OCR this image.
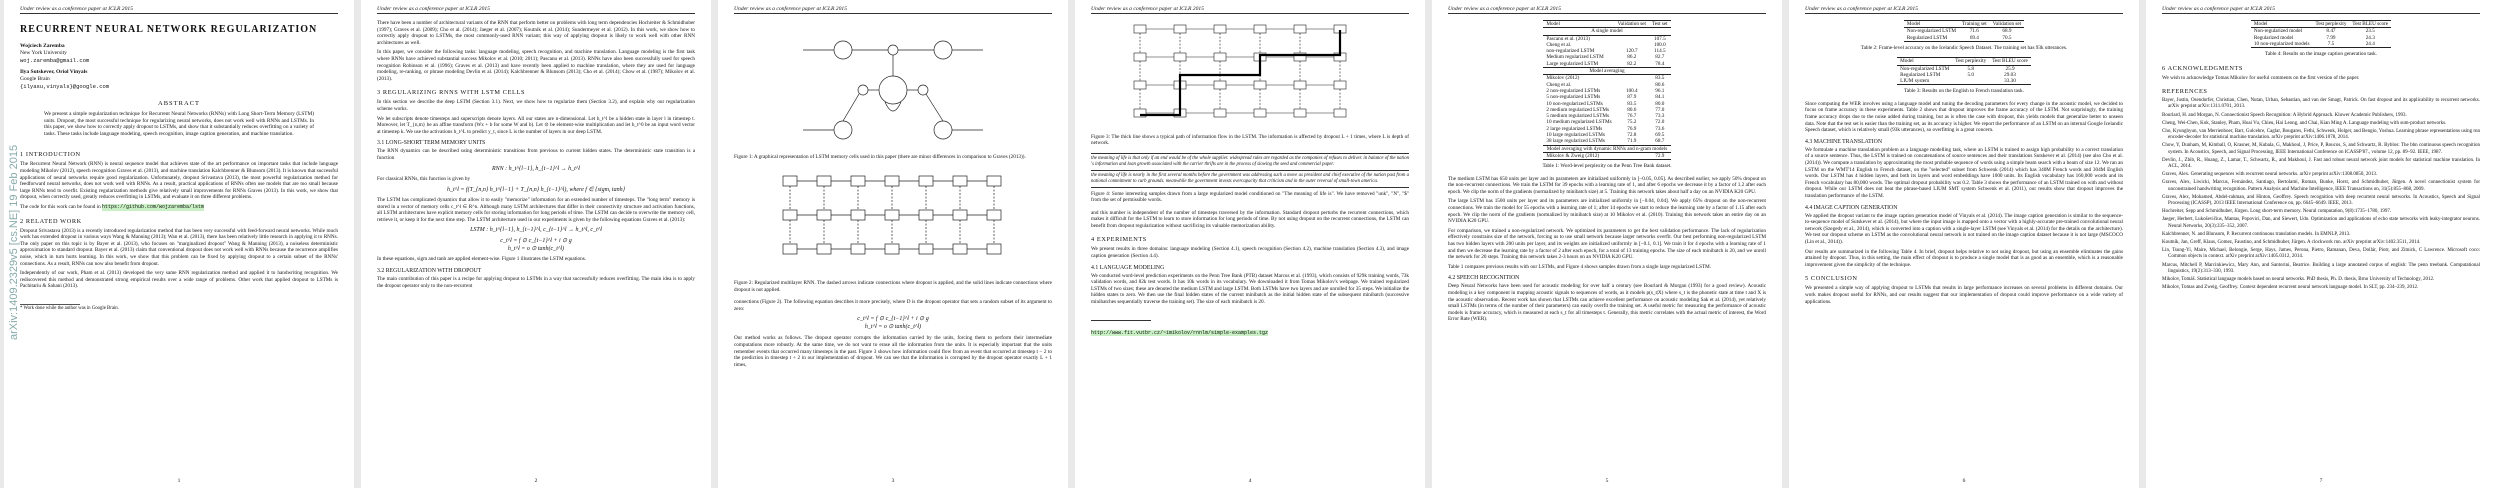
arXiv:1409.2329v5 [cs.NE] 19 Feb 2015
Under review as a conference paper at ICLR 2015
RECURRENT NEURAL NETWORK REGULARIZATION
Wojciech Zaremba
New York University
woj.zaremba@gmail.com
Ilya Sutskever, Oriol Vinyals
Google Brain
{ilyasu,vinyals}@google.com
ABSTRACT
We present a simple regularization technique for Recurrent Neural Networks (RNNs) with Long Short-Term Memory (LSTM) units. Dropout, the most successful technique for regularizing neural networks, does not work well with RNNs and LSTMs. In this paper, we show how to correctly apply dropout to LSTMs, and show that it substantially reduces overfitting on a variety of tasks. These tasks include language modeling, speech recognition, image caption generation, and machine translation.
1 INTRODUCTION
The Recurrent Neural Network (RNN) is neural sequence model that achieves state of the art performance on important tasks that include language modeling Mikolov (2012), speech recognition Graves et al. (2013), and machine translation Kalchbrenner & Blunsom (2013). It is known that successful applications of neural networks require good regularization. Unfortunately, dropout Srivastava (2013), the most powerful regularization method for feedforward neural networks, does not work well with RNNs. As a result, practical applications of RNNs often use models that are too small because large RNNs tend to overfit. Existing regularization methods give relatively small improvements for RNNs Graves (2013). In this work, we show that dropout, when correctly used, greatly reduces overfitting in LSTMs, and evaluate it on three different problems.
The code for this work can be found in https://github.com/wojzaremba/lstm
2 RELATED WORK
Dropout Srivastava (2013) is a recently introduced regularization method that has been very successful with feed-forward neural networks. While much work has extended dropout in various ways Wang & Manning (2013); Wan et al. (2013), there has been relatively little research in applying it to RNNs. The only paper on this topic is by Bayer et al. (2013), who focuses on "marginalized dropout" Wang & Manning (2013), a noiseless deterministic approximation to standard dropout. Bayer et al. (2013) claim that conventional dropout does not work well with RNNs because the recurrence amplifies noise, which in turn hurts learning. In this work, we show that this problem can be fixed by applying dropout to a certain subset of the RNNs' connections. As a result, RNNs can now also benefit from dropout.
Independently of our work, Pham et al. (2013) developed the very same RNN regularization method and applied it to handwriting recognition. We rediscovered this method and demonstrated strong empirical results over a wide range of problems. Other work that applied dropout to LSTMs is Pachitariu & Sahani (2013).
* Work done while the author was in Google Brain.
1
Under review as a conference paper at ICLR 2015
There have been a number of architectural variants of the RNN that perform better on problems with long term dependencies Hochreiter & Schmidhuber (1997); Graves et al. (2009); Cho et al. (2014); Jaeger et al. (2007); Koutnik et al. (2014); Sundermeyer et al. (2012). In this work, we show how to correctly apply dropout to LSTMs, the most commonly-used RNN variant; this way of applying dropout is likely to work well with other RNN architectures as well.
In this paper, we consider the following tasks: language modeling, speech recognition, and machine translation. Language modeling is the first task where RNNs have achieved substantial success Mikolov et al. (2010; 2011); Pascanu et al. (2013). RNNs have also been successfully used for speech recognition Robinson et al. (1996); Graves et al. (2013) and have recently been applied to machine translation, where they are used for language modeling, re-ranking, or phrase modeling Devlin et al. (2014); Kalchbrenner & Blunsom (2013); Cho et al. (2014); Chow et al. (1987); Mikolov et al. (2013).
3 REGULARIZING RNNS WITH LSTM CELLS
In this section we describe the deep LSTM (Section 3.1). Next, we show how to regularize them (Section 3.2), and explain why our regularization scheme works.
We let subscripts denote timesteps and superscripts denote layers. All our states are n-dimensional. Let h_t^l be a hidden state in layer l in timestep t. Moreover, let T_{n,m} be an affine transform (Wx + b for some W and b). Let ⊙ be element-wise multiplication and let h_t^0 be an input word vector at timestep k. We use the activations h_t^L to predict y_t, since L is the number of layers in our deep LSTM.
3.1 LONG-SHORT TERM MEMORY UNITS
The RNN dynamics can be described using deterministic transitions from previous to current hidden states. The deterministic state transition is a function
RNN : h_t^{l−1}, h_{t−1}^l → h_t^l
For classical RNNs, this function is given by
h_t^l = f(T_{n,n} h_t^{l−1} + T_{n,n} h_{t−1}^l), where f ∈ {sigm, tanh}
The LSTM has complicated dynamics that allow it to easily "memorize" information for an extended number of timesteps. The "long term" memory is stored in a vector of memory cells c_t^l ∈ R^n. Although many LSTM architectures that differ in their connectivity structure and activation functions, all LSTM architectures have explicit memory cells for storing information for long periods of time. The LSTM can decide to overwrite the memory cell, retrieve it, or keep it for the next time step. The LSTM architecture used in our experiments is given by the following equations Graves et al. (2013):
LSTM : h_t^{l−1}, h_{t−1}^l, c_{t−1}^l → h_t^l, c_t^l
c_t^l = f ⊙ c_{t−1}^l + i ⊙ g
h_t^l = o ⊙ tanh(c_t^l)
In these equations, sigm and tanh are applied element-wise. Figure 1 illustrates the LSTM equations.
3.2 REGULARIZATION WITH DROPOUT
The main contribution of this paper is a recipe for applying dropout to LSTMs in a way that successfully reduces overfitting. The main idea is to apply the dropout operator only to the non-recurrent
2
Under review as a conference paper at ICLR 2015
Figure 1: A graphical representation of LSTM memory cells used in this paper (there are minor differences in comparison to Graves (2013)).
Figure 2: Regularized multilayer RNN. The dashed arrows indicate connections where dropout is applied, and the solid lines indicate connections where dropout is not applied.
connections (Figure 2). The following equation describes it more precisely, where D is the dropout operator that sets a random subset of its argument to zero:
c_t^l = f ⊙ c_{t−1}^l + i ⊙ g
h_t^l = o ⊙ tanh(c_t^l)
Our method works as follows. The dropout operator corrupts the information carried by the units, forcing them to perform their intermediate computations more robustly. At the same time, we do not want to erase all the information from the units. It is especially important that the units remember events that occurred many timesteps in the past. Figure 3 shows how information could flow from an event that occurred at timestep t − 2 to the prediction in timestep t + 2 in our implementation of dropout. We can see that the information is corrupted by the dropout operator exactly L + 1 times,
3
Under review as a conference paper at ICLR 2015
Figure 3: The thick line shows a typical path of information flow in the LSTM. The information is affected by dropout L + 1 times, where L is depth of network.
the meaning of life is that only if an end would be of the whole supplier. widespread rules are regarded as the companies of refuses to deliver. in balance of the nation 's information and loan growth associated with the carrier thrifts are in the process of slowing the seed and commercial paper.
the meaning of life is nearly in the first several months before the government was addressing such a move as president and chief executive of the nation past from a national commitment to curb grounds. meanwhile the government invests overcapacity that criticism and in the outer reversal of small-town america.
Figure 4: Some interesting samples drawn from a large regularized model conditioned on "The meaning of life is". We have removed "unk", "N", "$" from the set of permissible words.
and this number is independent of the number of timesteps traversed by the information. Standard dropout perturbs the recurrent connections, which makes it difficult for the LSTM to learn to store information for long periods of time. By not using dropout on the recurrent connections, the LSTM can benefit from dropout regularization without sacrificing its valuable memorization ability.
4 EXPERIMENTS
We present results in three domains: language modeling (Section 4.1), speech recognition (Section 4.2), machine translation (Section 4.3), and image caption generation (Section 4.4).
4.1 LANGUAGE MODELING
We conducted word-level prediction experiments on the Penn Tree Bank (PTB) dataset Marcus et al. (1993), which consists of 929k training words, 73k validation words, and 82k test words. It has 10k words in its vocabulary. We downloaded it from Tomas Mikolov's webpage. We trained regularized LSTMs of two sizes; these are denoted the medium LSTM and large LSTM. Both LSTMs have two layers and are unrolled for 35 steps. We initialize the hidden states to zero. We then use the final hidden states of the current minibatch as the initial hidden state of the subsequent minibatch (successive minibatches sequentially traverse the training set). The size of each minibatch is 20.
http://www.fit.vutbr.cz/~imikolov/rnnlm/simple-examples.tgz
4
Under review as a conference paper at ICLR 2015
Model	Validation set	Test set
A single model		
Pascanu et al. (2013)		107.5
Cheng et al.		100.0
non-regularized LSTM	120.7	114.5
Medium regularized LSTM	86.2	82.7
Large regularized LSTM	82.2	78.4
Model averaging		
Mikolov (2012)		83.5
Cheng et al.		80.6
2 non-regularized LSTMs	100.4	96.1
5 non-regularized LSTMs	87.9	84.1
10 non-regularized LSTMs	83.5	80.0
2 medium regularized LSTMs	80.6	77.0
5 medium regularized LSTMs	76.7	73.3
10 medium regularized LSTMs	75.2	72.0
2 large regularized LSTMs	76.9	73.6
10 large regularized LSTMs	72.8	69.5
38 large regularized LSTMs	71.9	68.7
Model averaging with dynamic RNNs and n-gram models		
Mikolov & Zweig (2012)		72.9
Table 1: Word-level perplexity on the Penn Tree Bank dataset.
The medium LSTM has 650 units per layer and its parameters are initialized uniformly in [−0.05, 0.05]. As described earlier, we apply 50% dropout on the non-recurrent connections. We train the LSTM for 39 epochs with a learning rate of 1, and after 6 epochs we decrease it by a factor of 1.2 after each epoch. We clip the norm of the gradients (normalized by minibatch size) at 5. Training this network takes about half a day on an NVIDIA K20 GPU.
The large LSTM has 1500 units per layer and its parameters are initialized uniformly in [−0.04, 0.04]. We apply 65% dropout on the non-recurrent connections. We train the model for 55 epochs with a learning rate of 1; after 14 epochs we start to reduce the learning rate by a factor of 1.15 after each epoch. We clip the norm of the gradients (normalized by minibatch size) at 10 Mikolov et al. (2010). Training this network takes an entire day on an NVIDIA K20 GPU.
For comparison, we trained a non-regularized network. We optimized its parameters to get the best validation performance. The lack of regularization effectively constrains size of the network, forcing us to use small network because larger networks overfit. Our best performing non-regularized LSTM has two hidden layers with 200 units per layer, and its weights are initialized uniformly in [−0.1, 0.1]. We train it for 4 epochs with a learning rate of 1 and then we decrease the learning rate by a factor of 2 after each epoch, for a total of 13 training epochs. The size of each minibatch is 20, and we unroll the network for 20 steps. Training this network takes 2-3 hours on an NVIDIA K20 GPU.
Table 1 compares previous results with our LSTMs, and Figure 4 shows samples drawn from a single large regularized LSTM.
4.2 SPEECH RECOGNITION
Deep Neural Networks have been used for acoustic modeling for over half a century (see Bourlard & Morgan (1993) for a good review). Acoustic modeling is a key component in mapping acoustic signals to sequences of words, as it models p(s_t|X) where s_t is the phonetic state at time t and X is the acoustic observation. Recent work has shown that LSTMs can achieve excellent performance on acoustic modeling Sak et al. (2014), yet relatively small LSTMs (in terms of the number of their parameters) can easily overfit the training set. A useful metric for measuring the performance of acoustic models is frame accuracy, which is measured at each s_t for all timesteps t. Generally, this metric correlates with the actual metric of interest, the Word Error Rate (WER).
5
Under review as a conference paper at ICLR 2015
Model	Training set	Validation set
Non-regularized LSTM	71.6	68.9
Regularized LSTM	69.4	70.5
Table 2: Frame-level accuracy on the Icelandic Speech Dataset. The training set has 93k utterances.
Model	Test perplexity	Test BLEU score
Non-regularized LSTM	5.8	25.9
Regularized LSTM	5.0	29.03
LIUM system		33.30
Table 3: Results on the English to French translation task.
Since computing the WER involves using a language model and tuning the decoding parameters for every change in the acoustic model, we decided to focus on frame accuracy in these experiments. Table 2 shows that dropout improves the frame accuracy of the LSTM. Not surprisingly, the training frame accuracy drops due to the noise added during training, but as is often the case with dropout, this yields models that generalize better to unseen data. Note that the test set is easier than the training set, as its accuracy is higher. We report the performance of an LSTM on an internal Google Icelandic Speech dataset, which is relatively small (93k utterances), so overfitting is a great concern.
4.3 MACHINE TRANSLATION
We formulate a machine translation problem as a language modelling task, where an LSTM is trained to assign high probability to a correct translation of a source sentence. Thus, the LSTM is trained on concatenations of source sentences and their translations Sutskever et al. (2014) (see also Cho et al. (2014)). We compute a translation by approximating the most probable sequence of words using a simple beam search with a beam of size 12. We ran an LSTM on the WMT'14 English to French dataset, on the "selected" subset from Schwenk (2014) which has 340M French words and 304M English words. Our LSTM has 4 hidden layers, and both its layers and word embeddings have 1000 units. Its English vocabulary has 160,000 words and its French vocabulary has 80,000 words. The optimal dropout probability was 0.2. Table 3 shows the performance of an LSTM trained on with and without dropout. While our LSTM does not beat the phrase-based LIUM SMT system Schwenk et al. (2011), our results show that dropout improves the translation performance of the LSTM.
4.4 IMAGE CAPTION GENERATION
We applied the dropout variant to the image caption generation model of Vinyals et al. (2014). The image caption generation is similar to the sequence-to-sequence model of Sutskever et al. (2014), but where the input image is mapped onto a vector with a highly-accurate pre-trained convolutional neural network (Szegedy et al., 2014), which is converted into a caption with a single-layer LSTM (see Vinyals et al. (2014) for the details on the architecture). We test our dropout scheme on LSTM as the convolutional neural network is not trained on the image caption dataset because it is not large (MSCOCO (Lin et al., 2014)).
Our results are summarized in the following Table 4. In brief, dropout helps relative to not using dropout, but using an ensemble eliminates the gains attained by dropout. Thus, in this setting, the main effect of dropout is to produce a single model that is as good as an ensemble, which is a reasonable improvement given the simplicity of the technique.
5 CONCLUSION
We presented a simple way of applying dropout to LSTMs that results in large performance increases on several problems in different domains. Our work makes dropout useful for RNNs, and our results suggest that our implementation of dropout could improve performance on a wide variety of applications.
6
Under review as a conference paper at ICLR 2015
Model	Test perplexity	Test BLEU score
Non-regularized model	8.47	23.5
Regularized model	7.99	24.3
10 non-regularized models	7.5	24.4
Table 4: Results on the image caption generation task.
6 ACKNOWLEDGMENTS
We wish to acknowledge Tomas Mikolov for useful comments on the first version of the paper.
REFERENCES
Bayer, Justin, Osendorfer, Christian, Chen, Nutan, Urban, Sebastian, and van der Smagt, Patrick. On fast dropout and its applicability to recurrent networks. arXiv preprint arXiv:1311.0701, 2013.
Bourlard, H. and Morgan, N. Connectionist Speech Recognition: A Hybrid Approach. Kluwer Academic Publishers, 1993.
Cheng, Wei-Chen, Kok, Stanley, Pham, Hoai Vu, Chieu, Hai Leong, and Chai, Kian Ming A. Language modeling with sum-product networks.
Cho, Kyunghyun, van Merrienboer, Bart, Gulcehre, Caglar, Bougares, Fethi, Schwenk, Holger, and Bengio, Yoshua. Learning phrase representations using rnn encoder-decoder for statistical machine translation. arXiv preprint arXiv:1406.1078, 2014.
Chow, Y, Dunham, M, Kimball, O, Krasner, M, Kubala, G, Makhoul, J, Price, P, Roucos, S, and Schwartz, R. Byblos: The bbn continuous speech recognition system. In Acoustics, Speech, and Signal Processing, IEEE International Conference on ICASSP'87., volume 12, pp. 89–92. IEEE, 1987.
Devlin, J., Zbib, R., Huang, Z., Lamar, T., Schwartz, R., and Makhoul, J. Fast and robust neural network joint models for statistical machine translation. In ACL, 2014.
Graves, Alex. Generating sequences with recurrent neural networks. arXiv preprint arXiv:1308.0850, 2013.
Graves, Alex, Liwicki, Marcus, Fernández, Santiago, Bertolami, Roman, Bunke, Horst, and Schmidhuber, Jürgen. A novel connectionist system for unconstrained handwriting recognition. Pattern Analysis and Machine Intelligence, IEEE Transactions on, 31(5):855–868, 2009.
Graves, Alex, Mohamed, Abdel-rahman, and Hinton, Geoffrey. Speech recognition with deep recurrent neural networks. In Acoustics, Speech and Signal Processing (ICASSP), 2013 IEEE International Conference on, pp. 6645–6649. IEEE, 2013.
Hochreiter, Sepp and Schmidhuber, Jürgen. Long short-term memory. Neural computation, 9(8):1735–1780, 1997.
Jaeger, Herbert, Lukoševičius, Mantas, Popovici, Dan, and Siewert, Udo. Optimization and applications of echo state networks with leaky-integrator neurons. Neural Networks, 20(3):335–352, 2007.
Kalchbrenner, N. and Blunsom, P. Recurrent continuous translation models. In EMNLP, 2013.
Koutník, Jan, Greff, Klaus, Gomez, Faustino, and Schmidhuber, Jürgen. A clockwork rnn. arXiv preprint arXiv:1402.3511, 2014.
Lin, Tsung-Yi, Maire, Michael, Belongie, Serge, Hays, James, Perona, Pietro, Ramanan, Deva, Dollár, Piotr, and Zitnick, C Lawrence. Microsoft coco: Common objects in context. arXiv preprint arXiv:1405.0312, 2014.
Marcus, Mitchell P, Marcinkiewicz, Mary Ann, and Santorini, Beatrice. Building a large annotated corpus of english: The penn treebank. Computational linguistics, 19(2):313–330, 1993.
Mikolov, Tomáš. Statistical language models based on neural networks. PhD thesis, Ph. D. thesis, Brno University of Technology, 2012.
Mikolov, Tomas and Zweig, Geoffrey. Context dependent recurrent neural network language model. In SLT, pp. 234–239, 2012.
7
